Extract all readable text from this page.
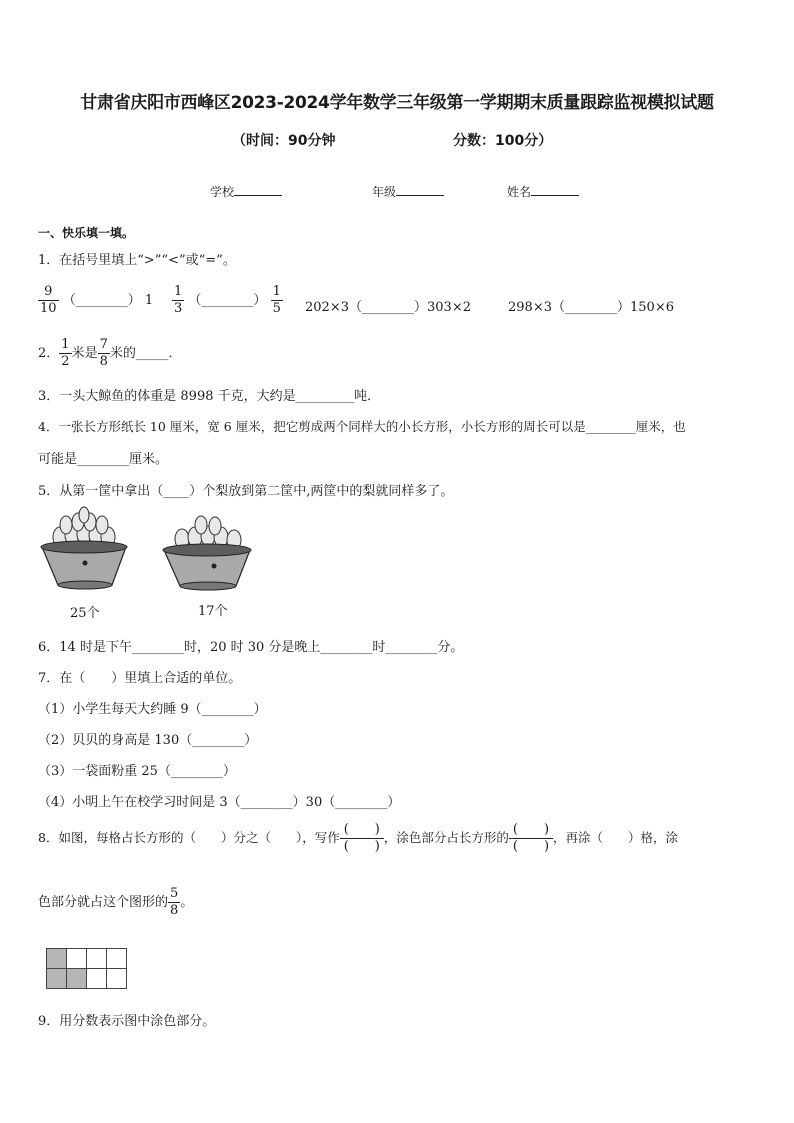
甘肃省庆阳市西峰区2023-2024学年数学三年级第一学期期末质量跟踪监视模拟试题
（时间：90分钟	分数：100分）
学校	年级	姓名
一、快乐填一填。
1．在括号里填上“>”“<”或“=”。
$\frac{9}{10}$ （________） $1 \frac{1}{3}$ （________） $\frac{1}{5}$ 202×3（________）303×2	298×3（________）150×6
2． $\frac{1}{2}$ 米是 $\frac{7}{8}$ 米的_____．
3．一头大鲸鱼的体重是 8998 千克，大约是_________吨．
4．一张长方形纸长 10 厘米，宽 6 厘米，把它剪成两个同样大的小长方形，小长方形的周长可以是________厘米，也
可能是________厘米。
5．从第一筐中拿出（____）个梨放到第二筐中,两筐中的梨就同样多了。
25个	17个
6．14 时是下午________时，20 时 30 分是晚上________时________分。
7．在（　　）里填上合适的单位。
（1）小学生每天大约睡 9（________）
（2）贝贝的身高是 130（________）
（3）一袋面粉重 25（________）
（4）小明上午在校学习时间是 3（________）30（________）
8．如图，每格占长方形的（　　）分之（　　），写作 $\frac{( )}{( )}$ ，涂色部分占长方形的 $\frac{( )}{( )}$ ，再涂（　　）格，涂
色部分就占这个图形的 $\frac{5}{8}$ 。

9．用分数表示图中涂色部分。
